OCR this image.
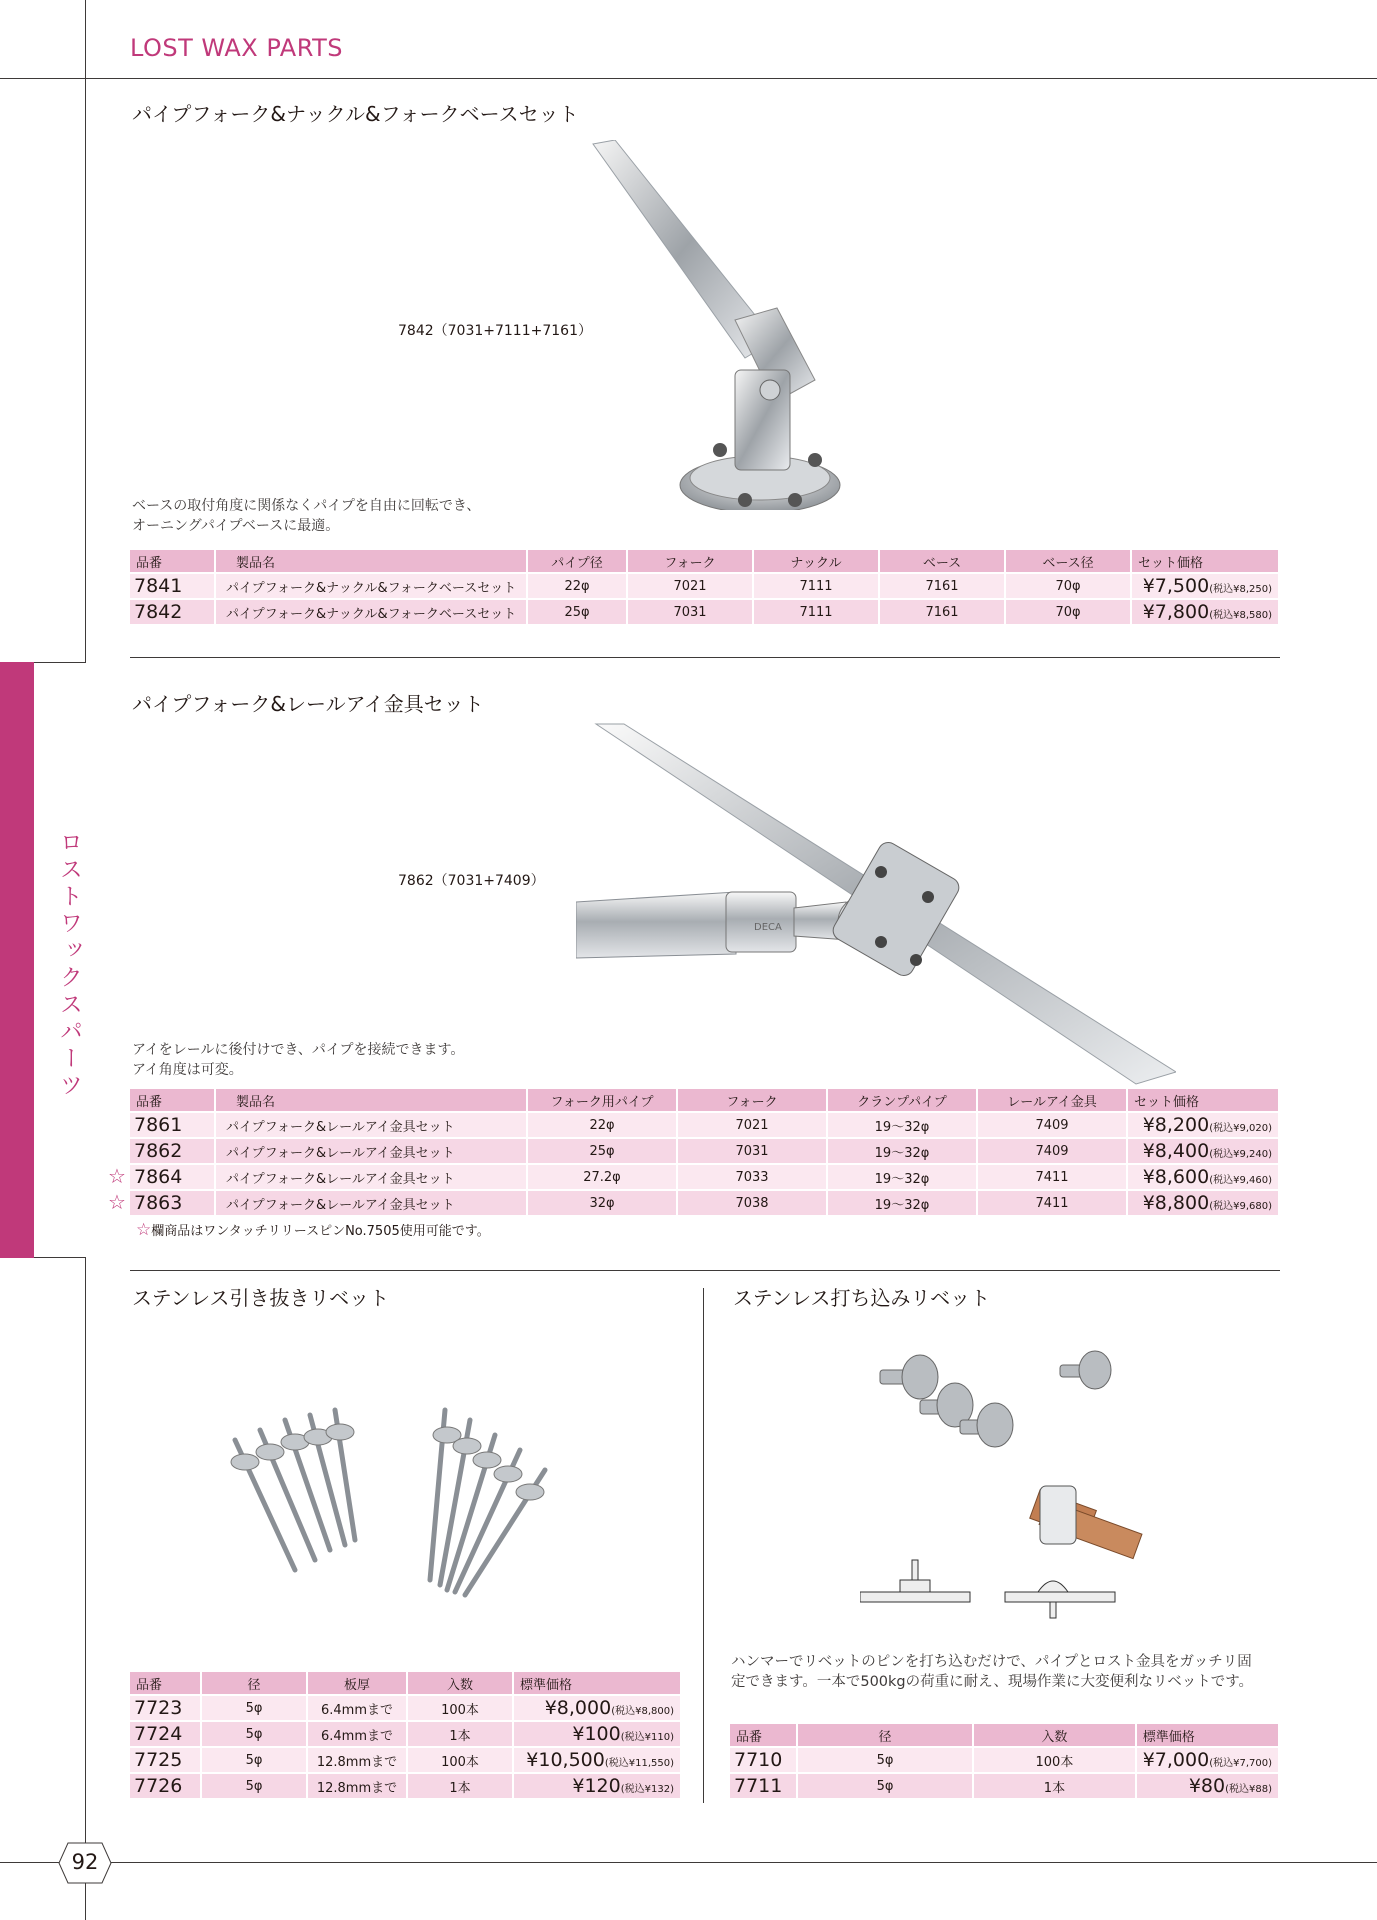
LOST WAX PARTS
ロストワックスパーツ
92
パイプフォーク&ナックル&フォークベースセット
7842（7031+7111+7161）
ベースの取付角度に関係なくパイプを自由に回転でき、
オーニングパイプベースに最適。
品番	製品名	パイプ径	フォーク	ナックル	ベース	ベース径	セット価格
7841	パイプフォーク&ナックル&フォークベースセット	22φ	7021	7111	7161	70φ	¥7,500(税込¥8,250)
7842	パイプフォーク&ナックル&フォークベースセット	25φ	7031	7111	7161	70φ	¥7,800(税込¥8,580)
パイプフォーク&レールアイ金具セット
DECA
7862（7031+7409）
アイをレールに後付けでき、パイプを接続できます。
アイ角度は可変。
品番	製品名	フォーク用パイプ	フォーク	クランプパイプ	レールアイ金具	セット価格
7861	パイプフォーク&レールアイ金具セット	22φ	7021	19〜32φ	7409	¥8,200(税込¥9,020)
7862	パイプフォーク&レールアイ金具セット	25φ	7031	19〜32φ	7409	¥8,400(税込¥9,240)
7864	パイプフォーク&レールアイ金具セット	27.2φ	7033	19〜32φ	7411	¥8,600(税込¥9,460)
7863	パイプフォーク&レールアイ金具セット	32φ	7038	19〜32φ	7411	¥8,800(税込¥9,680)
☆
☆
☆欄商品はワンタッチリリースピンNo.7505使用可能です。
ステンレス引き抜きリベット
品番	径	板厚	入数	標準価格
7723	5φ	6.4mmまで	100本	¥8,000(税込¥8,800)
7724	5φ	6.4mmまで	1本	¥100(税込¥110)
7725	5φ	12.8mmまで	100本	¥10,500(税込¥11,550)
7726	5φ	12.8mmまで	1本	¥120(税込¥132)
ステンレス打ち込みリベット
ハンマーでリベットのピンを打ち込むだけで、パイプとロスト金具をガッチリ固
定できます。一本で500kgの荷重に耐え、現場作業に大変便利なリベットです。
品番	径	入数	標準価格
7710	5φ	100本	¥7,000(税込¥7,700)
7711	5φ	1本	¥80(税込¥88)
